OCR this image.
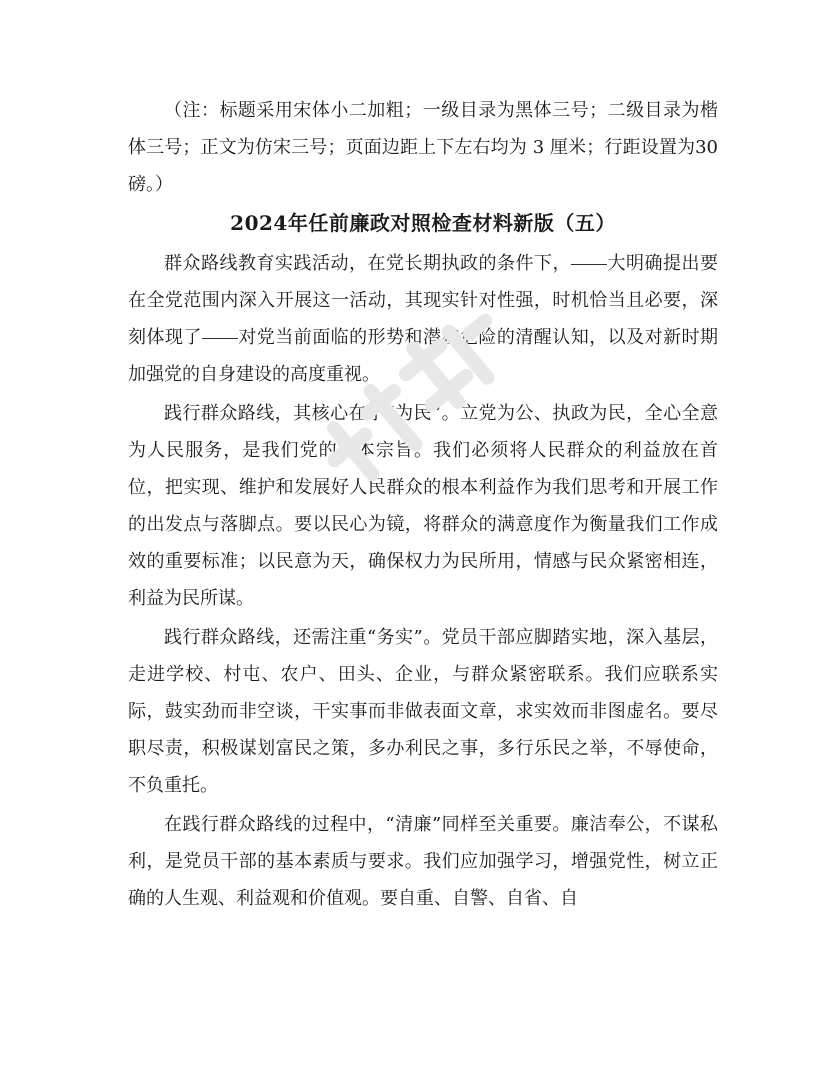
（注：标题采用宋体小二加粗；一级目录为黑体三号；二级目录为楷体三号；正文为仿宋三号；页面边距上下左右均为 3 厘米；行距设置为30磅。）

2024年任前廉政对照检查材料新版（五）

群众路线教育实践活动，在党长期执政的条件下， 大明确提出要在全党范围内深入开展这一活动，其现实针对性强，时机恰当且必要，深刻体现了 对党当前面临的形势和潜在危险的清醒认知，以及对新时期加强党的自身建设的高度重视。

践行群众路线，其核心在于“为民”。立党为公、执政为民，全心全意为人民服务，是我们党的根本宗旨。我们必须将人民群众的利益放在首位，把实现、维护和发展好人民群众的根本利益作为我们思考和开展工作的出发点与落脚点。要以民心为镜，将群众的满意度作为衡量我们工作成效的重要标准；以民意为天，确保权力为民所用，情感与民众紧密相连，利益为民所谋。

践行群众路线，还需注重“务实”。党员干部应脚踏实地，深入基层，走进学校、村屯、农户、田头、企业，与群众紧密联系。我们应联系实际，鼓实劲而非空谈，干实事而非做表面文章，求实效而非图虚名。要尽职尽责，积极谋划富民之策，多办利民之事，多行乐民之举，不辱使命，不负重托。

在践行群众路线的过程中，“清廉”同样至关重要。廉洁奉公，不谋私利，是党员干部的基本素质与要求。我们应加强学习，增强党性，树立正确的人生观、利益观和价值观。要自重、自警、自省、自
